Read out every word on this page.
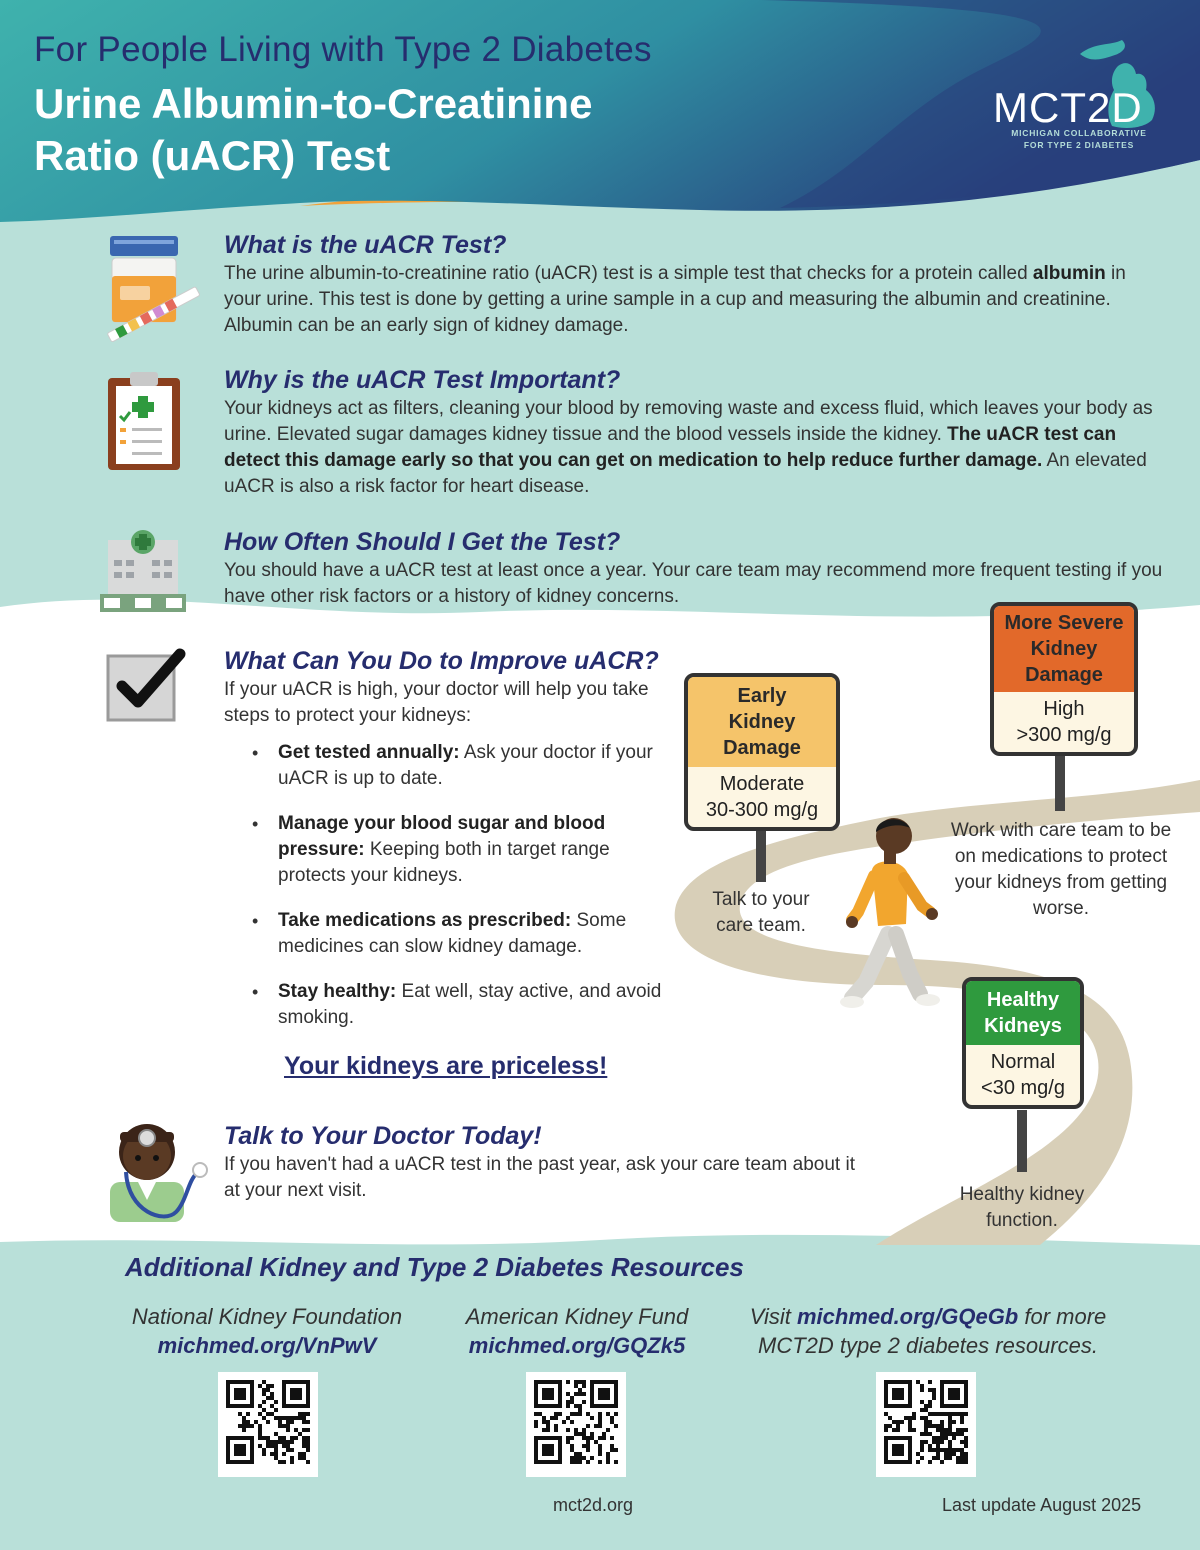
For People Living with Type 2 Diabetes
Urine Albumin-to-Creatinine
Ratio (uACR) Test
MCT2D
MICHIGAN COLLABORATIVE
FOR TYPE 2 DIABETES
What is the uACR Test?
The urine albumin-to-creatinine ratio (uACR) test is a simple test that checks for a protein called albumin in your urine. This test is done by getting a urine sample in a cup and measuring the albumin and creatinine. Albumin can be an early sign of kidney damage.
Why is the uACR Test Important?
Your kidneys act as filters, cleaning your blood by removing waste and excess fluid, which leaves your body as urine. Elevated sugar damages kidney tissue and the blood vessels inside the kidney. The uACR test can detect this damage early so that you can get on medication to help reduce further damage. An elevated uACR is also a risk factor for heart disease.
How Often Should I Get the Test?
You should have a uACR test at least once a year. Your care team may recommend more frequent testing if you have other risk factors or a history of kidney concerns.
What Can You Do to Improve uACR?
If your uACR is high, your doctor will help you take steps to protect your kidneys:
• Get tested annually: Ask your doctor if your uACR is up to date.
• Manage your blood sugar and blood pressure: Keeping both in target range protects your kidneys.
• Take medications as prescribed: Some medicines can slow kidney damage.
• Stay healthy: Eat well, stay active, and avoid smoking.
Your kidneys are priceless!
Talk to Your Doctor Today!
If you haven't had a uACR test in the past year, ask your care team about it at your next visit.
More Severe Kidney Damage
High
>300 mg/g
Early Kidney Damage
Moderate
30-300 mg/g
Healthy Kidneys
Normal
<30 mg/g
Work with care team to be on medications to protect your kidneys from getting worse.
Talk to your care team.
Healthy kidney function.
Additional Kidney and Type 2 Diabetes Resources
National Kidney Foundation
michmed.org/VnPwV
American Kidney Fund
michmed.org/GQZk5
Visit michmed.org/GQeGb for more
MCT2D type 2 diabetes resources.
mct2d.org	Last update August 2025
